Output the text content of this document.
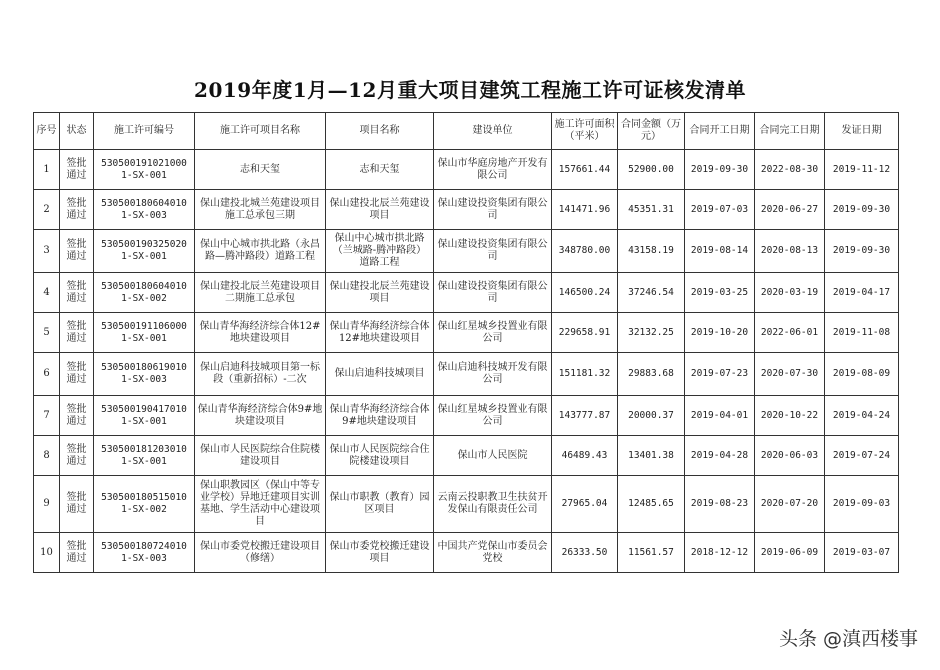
2019年度1月—12月重大项目建筑工程施工许可证核发清单
序号	状态	施工许可编号	施工许可项目名称	项目名称	建设单位	施工许可面积（平米）	合同金额（万元）	合同开工日期	合同完工日期	发证日期
1	签批通过	530500191021000 1-SX-001	志和天玺	志和天玺	保山市华庭房地产开发有限公司	157661.44	52900.00	2019-09-30	2022-08-30	2019-11-12
2	签批通过	530500180604010 1-SX-003	保山建投北城兰苑建设项目施工总承包三期	保山建投北辰兰苑建设项目	保山建设投资集团有限公司	141471.96	45351.31	2019-07-03	2020-06-27	2019-09-30
3	签批通过	530500190325020 1-SX-001	保山中心城市拱北路（永昌路—腾冲路段）道路工程	保山中心城市拱北路（兰城路-腾冲路段）道路工程	保山建设投资集团有限公司	348780.00	43158.19	2019-08-14	2020-08-13	2019-09-30
4	签批通过	530500180604010 1-SX-002	保山建投北辰兰苑建设项目二期施工总承包	保山建投北辰兰苑建设项目	保山建设投资集团有限公司	146500.24	37246.54	2019-03-25	2020-03-19	2019-04-17
5	签批通过	530500191106000 1-SX-001	保山青华海经济综合体12#地块建设项目	保山青华海经济综合体12#地块建设项目	保山红星城乡投置业有限公司	229658.91	32132.25	2019-10-20	2022-06-01	2019-11-08
6	签批通过	530500180619010 1-SX-003	保山启迪科技城项目第一标段（重新招标）-二次	保山启迪科技城项目	保山启迪科技城开发有限公司	151181.32	29883.68	2019-07-23	2020-07-30	2019-08-09
7	签批通过	530500190417010 1-SX-001	保山青华海经济综合体9#地块建设项目	保山青华海经济综合体9#地块建设项目	保山红星城乡投置业有限公司	143777.87	20000.37	2019-04-01	2020-10-22	2019-04-24
8	签批通过	530500181203010 1-SX-001	保山市人民医院综合住院楼建设项目	保山市人民医院综合住院楼建设项目	保山市人民医院	46489.43	13401.38	2019-04-28	2020-06-03	2019-07-24
9	签批通过	530500180515010 1-SX-002	保山职教园区（保山中等专业学校）异地迁建项目实训基地、学生活动中心建设项目	保山市职教（教育）园区项目	云南云投职教卫生扶贫开发保山有限责任公司	27965.04	12485.65	2019-08-23	2020-07-20	2019-09-03
10	签批通过	530500180724010 1-SX-003	保山市委党校搬迁建设项目（修缮）	保山市委党校搬迁建设项目	中国共产党保山市委员会党校	26333.50	11561.57	2018-12-12	2019-06-09	2019-03-07
头条 @滇西楼事
